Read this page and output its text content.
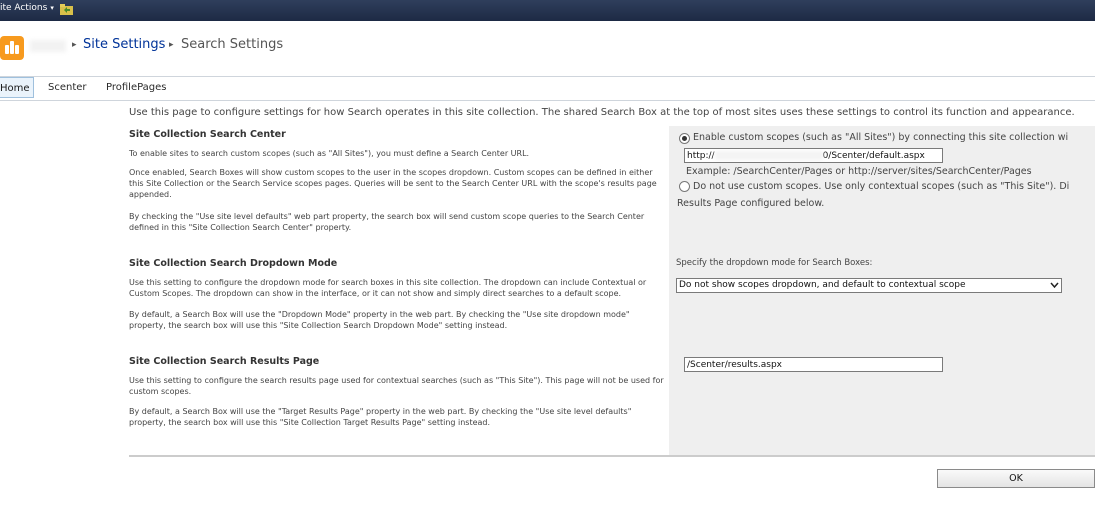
ite Actions ▾
▸ Site Settings ▸ Search Settings
Home	Scenter ProfilePages
Use this page to configure settings for how Search operates in this site collection. The shared Search Box at the top of most sites uses these settings to control its function and appearance.
Site Collection Search Center
To enable sites to search custom scopes (such as "All Sites"), you must define a Search Center URL.
Once enabled, Search Boxes will show custom scopes to the user in the scopes dropdown. Custom scopes can be defined in either this Site Collection or the Search Service scopes pages. Queries will be sent to the Search Center URL with the scope's results page appended.
By checking the "Use site level defaults" web part property, the search box will send custom scope queries to the Search Center defined in this "Site Collection Search Center" property.
Enable custom scopes (such as "All Sites") by connecting this site collection wi
http://	0/Scenter/default.aspx
Example: /SearchCenter/Pages or http://server/sites/SearchCenter/Pages
Do not use custom scopes. Use only contextual scopes (such as "This Site"). Di
Results Page configured below.
Site Collection Search Dropdown Mode
Use this setting to configure the dropdown mode for search boxes in this site collection. The dropdown can include Contextual or Custom Scopes. The dropdown can show in the interface, or it can not show and simply direct searches to a default scope.
By default, a Search Box will use the "Dropdown Mode" property in the web part. By checking the "Use site dropdown mode" property, the search box will use this "Site Collection Search Dropdown Mode" setting instead.
Specify the dropdown mode for Search Boxes:
Do not show scopes dropdown, and default to contextual scope
Site Collection Search Results Page
Use this setting to configure the search results page used for contextual searches (such as "This Site"). This page will not be used for custom scopes.
By default, a Search Box will use the "Target Results Page" property in the web part. By checking the "Use site level defaults" property, the search box will use this "Site Collection Target Results Page" setting instead.
/Scenter/results.aspx
OK
